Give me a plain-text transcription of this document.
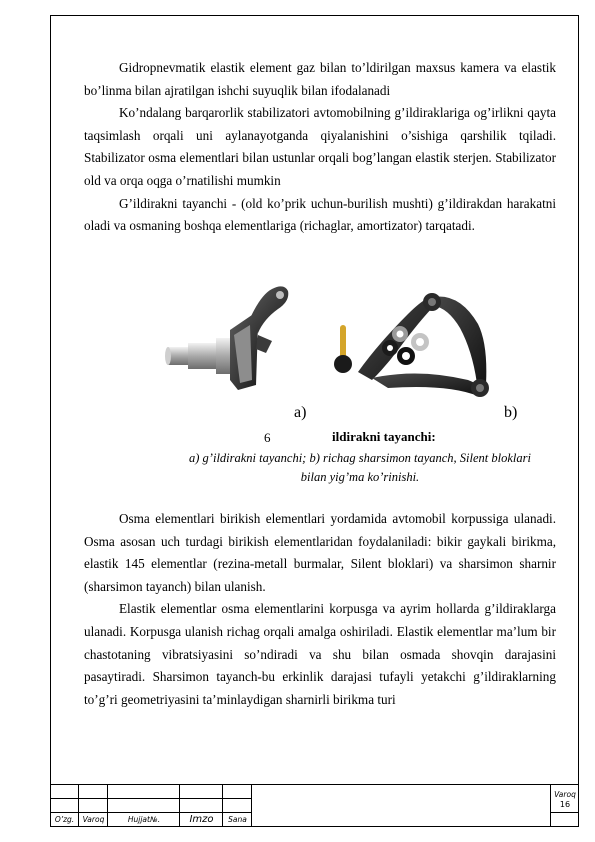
Gidropnevmatik elastik element gaz bilan to’ldirilgan maxsus kamera va elastik bo’linma bilan ajratilgan ishchi suyuqlik bilan ifodalanadi

Ko’ndalang barqarorlik stabilizatori avtomobilning g’ildiraklariga og’irlikni qayta taqsimlash orqali uni aylanayotganda qiyalanishini o’sishiga qarshilik tqiladi. Stabilizator osma elementlari bilan ustunlar orqali bog’langan elastik sterjen. Stabilizator old va orqa oqga o’rnatilishi mumkin

G’ildirakni tayanchi - (old ko’prik uchun-burilish mushti) g’ildirakdan harakatni oladi va osmaning boshqa elementlariga (richaglar, amortizator) tarqatadi.

a)	b)
6	ildirakni tayanchi:
a) g’ildirakni tayanchi; b) richag sharsimon tayanch, Silent bloklari
bilan yig’ma ko’rinishi.

Osma elementlari birikish elementlari yordamida avtomobil korpussiga ulanadi. Osma asosan uch turdagi birikish elementlaridan foydalaniladi: bikir gaykali birikma, elastik 145 elementlar (rezina-metall burmalar, Silent bloklari) va sharsimon sharnir (sharsimon tayanch) bilan ulanish.

Elastik elementlar osma elementlarini korpusga va ayrim hollarda g’ildiraklarga ulanadi. Korpusga ulanish richag orqali amalga oshiriladi. Elastik elementlar ma’lum bir chastotaning vibratsiyasini so’ndiradi va shu bilan osmada shovqin darajasini pasaytiradi. Sharsimon tayanch-bu erkinlik darajasi tufayli yetakchi g’ildiraklarning to’g’ri geometriyasini ta’minlaydigan sharnirli birikma turi

O’zg.	Varoq	Hujjat№.	Imzo	Sana
Varoq
16
